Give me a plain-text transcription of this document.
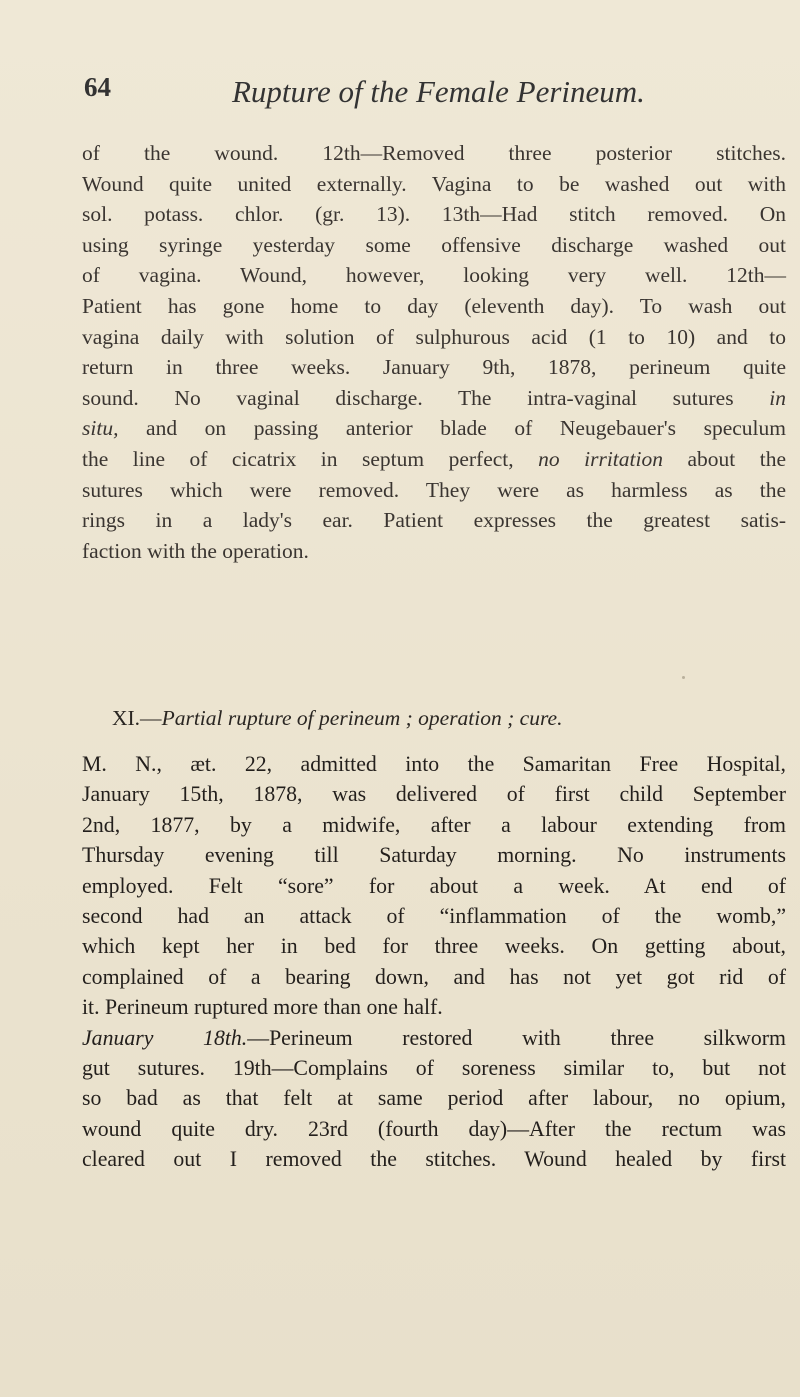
64	Rupture of the Female Perineum.
of the wound. 12th—Removed three posterior stitches.
Wound quite united externally. Vagina to be washed out with
sol. potass. chlor. (gr. 13). 13th—Had stitch removed. On
using syringe yesterday some offensive discharge washed out
of vagina. Wound, however, looking very well. 12th—
Patient has gone home to day (eleventh day). To wash out
vagina daily with solution of sulphurous acid (1 to 10) and to
return in three weeks. January 9th, 1878, perineum quite
sound. No vaginal discharge. The intra-vaginal sutures in
situ, and on passing anterior blade of Neugebauer's speculum
the line of cicatrix in septum perfect, no irritation about the
sutures which were removed. They were as harmless as the
rings in a lady's ear. Patient expresses the greatest satis-
faction with the operation.
XI.—Partial rupture of perineum ; operation ; cure.
M. N., æt. 22, admitted into the Samaritan Free Hospital,
January 15th, 1878, was delivered of first child September
2nd, 1877, by a midwife, after a labour extending from
Thursday evening till Saturday morning. No instruments
employed. Felt “sore” for about a week. At end of
second had an attack of “inflammation of the womb,”
which kept her in bed for three weeks. On getting about,
complained of a bearing down, and has not yet got rid of
it. Perineum ruptured more than one half.
January 18th.—Perineum restored with three silkworm
gut sutures. 19th—Complains of soreness similar to, but not
so bad as that felt at same period after labour, no opium,
wound quite dry. 23rd (fourth day)—After the rectum was
cleared out I removed the stitches. Wound healed by first
